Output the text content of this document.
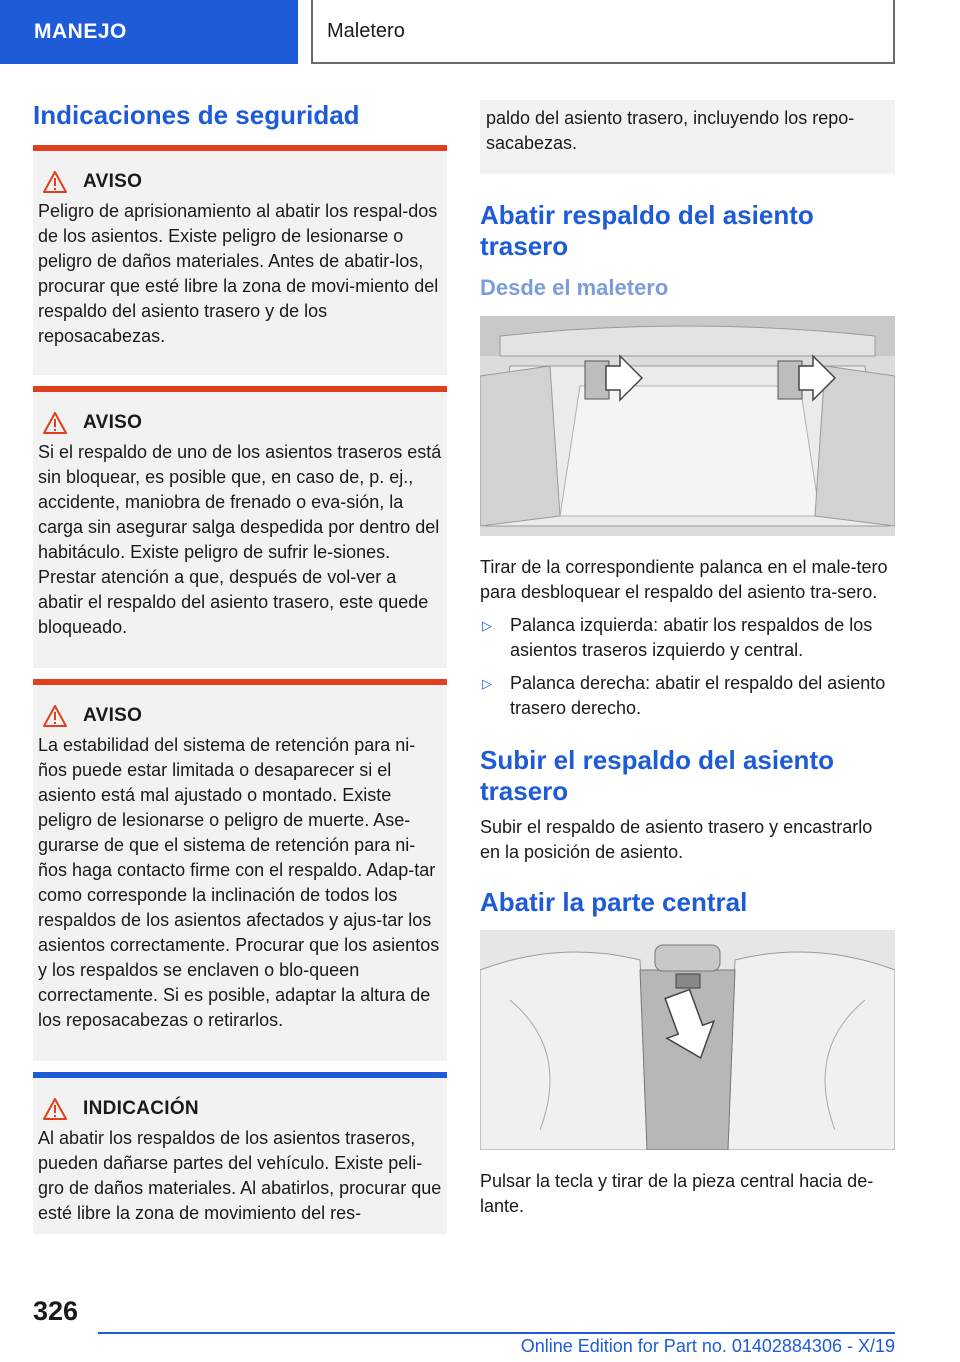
MANEJO	Maletero
Indicaciones de seguridad
AVISO
Peligro de aprisionamiento al abatir los respal-dos de los asientos. Existe peligro de lesionarse o peligro de daños materiales. Antes de abatir-los, procurar que esté libre la zona de movi-miento del respaldo del asiento trasero y de los reposacabezas.
AVISO
Si el respaldo de uno de los asientos traseros está sin bloquear, es posible que, en caso de, p. ej., accidente, maniobra de frenado o eva-sión, la carga sin asegurar salga despedida por dentro del habitáculo. Existe peligro de sufrir le-siones. Prestar atención a que, después de vol-ver a abatir el respaldo del asiento trasero, este quede bloqueado.
AVISO
La estabilidad del sistema de retención para ni-ños puede estar limitada o desaparecer si el asiento está mal ajustado o montado. Existe peligro de lesionarse o peligro de muerte. Ase-gurarse de que el sistema de retención para ni-ños haga contacto firme con el respaldo. Adap-tar como corresponde la inclinación de todos los respaldos de los asientos afectados y ajus-tar los asientos correctamente. Procurar que los asientos y los respaldos se enclaven o blo-queen correctamente. Si es posible, adaptar la altura de los reposacabezas o retirarlos.
INDICACIÓN
Al abatir los respaldos de los asientos traseros, pueden dañarse partes del vehículo. Existe peli-gro de daños materiales. Al abatirlos, procurar que esté libre la zona de movimiento del res-
paldo del asiento trasero, incluyendo los repo-sacabezas.
Abatir respaldo del asiento trasero
Desde el maletero
Tirar de la correspondiente palanca en el male-tero para desbloquear el respaldo del asiento tra-sero.
▷	Palanca izquierda: abatir los respaldos de los asientos traseros izquierdo y central.
▷	Palanca derecha: abatir el respaldo del asiento trasero derecho.
Subir el respaldo del asiento trasero
Subir el respaldo de asiento trasero y encastrarlo en la posición de asiento.
Abatir la parte central
Pulsar la tecla y tirar de la pieza central hacia de-lante.
326
Online Edition for Part no. 01402884306 - X/19
